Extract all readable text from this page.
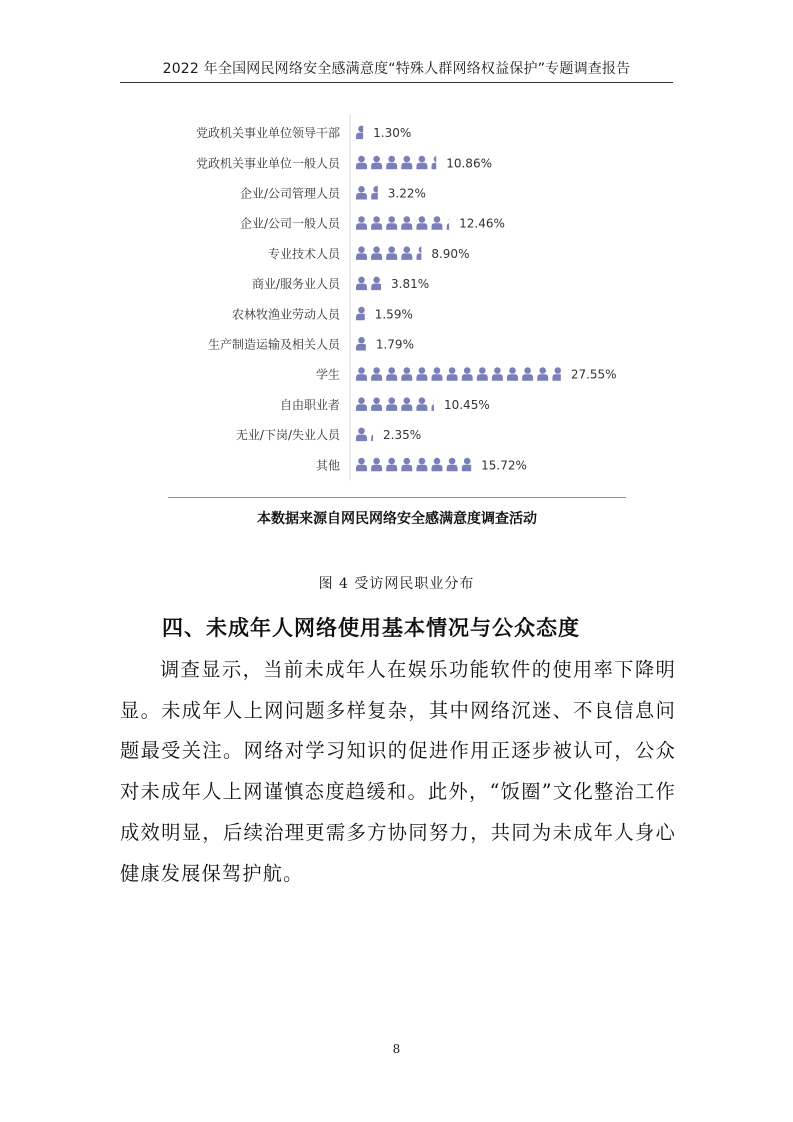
2022 年全国网民网络安全感满意度“特殊人群网络权益保护”专题调查报告
党政机关事业单位领导干部	1.30%
党政机关事业单位一般人员	10.86%
企业/公司管理人员	3.22%
企业/公司一般人员	12.46%
专业技术人员	8.90%
商业/服务业人员	3.81%
农林牧渔业劳动人员	1.59%
生产制造运输及相关人员	1.79%
学生	27.55%
自由职业者	10.45%
无业/下岗/失业人员	2.35%
其他	15.72%
本数据来源自网民网络安全感满意度调查活动
图 4 受访网民职业分布
四、未成年人网络使用基本情况与公众态度

调查显示，当前未成年人在娱乐功能软件的使用率下降明显。未成年人上网问题多样复杂，其中网络沉迷、不良信息问题最受关注。网络对学习知识的促进作用正逐步被认可，公众对未成年人上网谨慎态度趋缓和。此外，“饭圈”文化整治工作成效明显，后续治理更需多方协同努力，共同为未成年人身心健康发展保驾护航。

8
